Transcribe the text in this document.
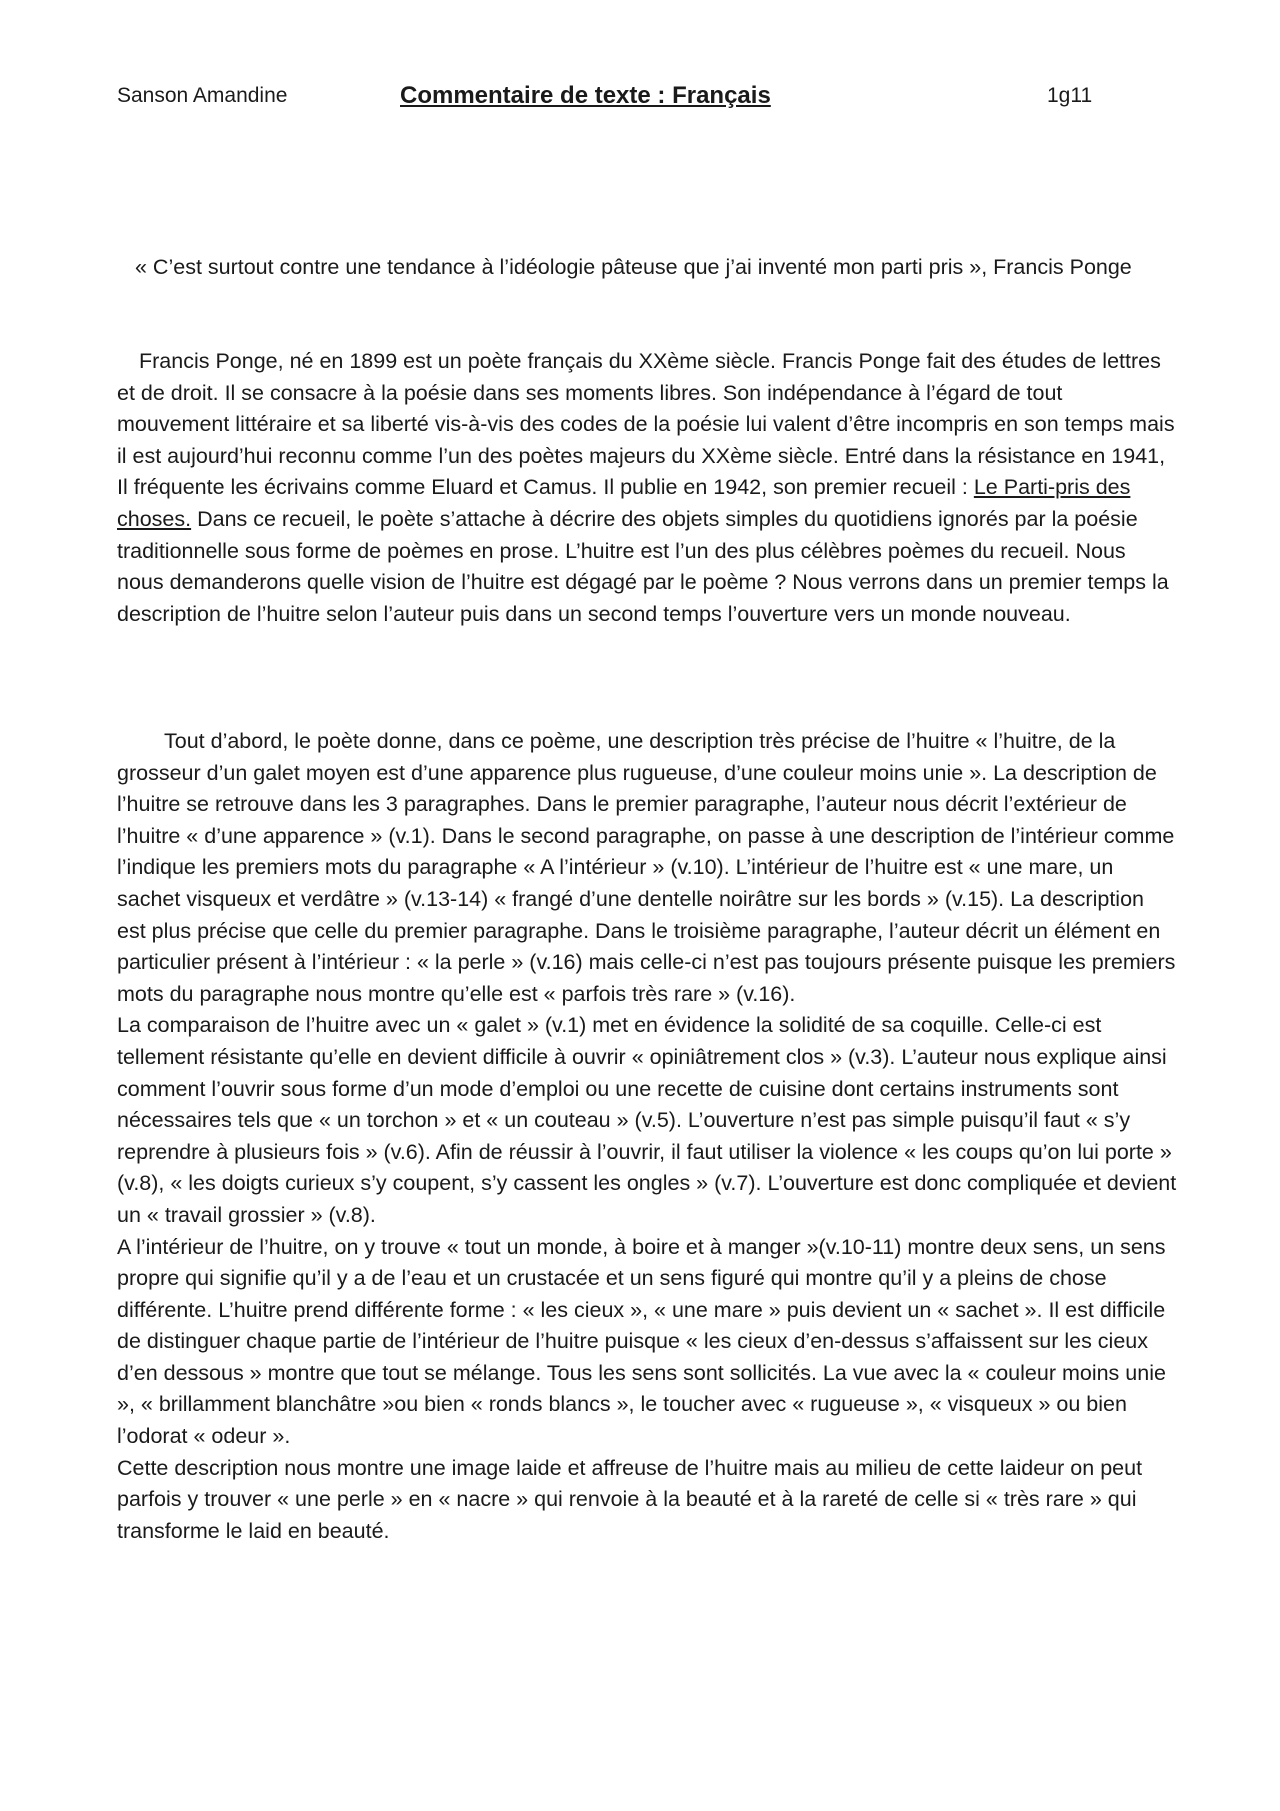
Sanson Amandine	Commentaire de texte : Français	1g11

« C’est surtout contre une tendance à l’idéologie pâteuse que j’ai inventé mon parti pris », Francis Ponge

Francis Ponge, né en 1899 est un poète français du XXème siècle. Francis Ponge fait des études de lettres et de droit. Il se consacre à la poésie dans ses moments libres. Son indépendance à l’égard de tout mouvement littéraire et sa liberté vis-à-vis des codes de la poésie lui valent d’être incompris en son temps mais il est aujourd’hui reconnu comme l’un des poètes majeurs du XXème siècle. Entré dans la résistance en 1941, Il fréquente les écrivains comme Eluard et Camus. Il publie en 1942, son premier recueil : Le Parti-pris des choses. Dans ce recueil, le poète s’attache à décrire des objets simples du quotidiens ignorés par la poésie traditionnelle sous forme de poèmes en prose. L’huitre est l’un des plus célèbres poèmes du recueil. Nous nous demanderons quelle vision de l’huitre est dégagé par le poème ? Nous verrons dans un premier temps la description de l’huitre selon l’auteur puis dans un second temps l’ouverture vers un monde nouveau.

Tout d’abord, le poète donne, dans ce poème, une description très précise de l’huitre « l’huitre, de la grosseur d’un galet moyen est d’une apparence plus rugueuse, d’une couleur moins unie ». La description de l’huitre se retrouve dans les 3 paragraphes. Dans le premier paragraphe, l’auteur nous décrit l’extérieur de l’huitre « d’une apparence » (v.1). Dans le second paragraphe, on passe à une description de l’intérieur comme l’indique les premiers mots du paragraphe « A l’intérieur » (v.10). L’intérieur de l’huitre est « une mare, un sachet visqueux et verdâtre » (v.13-14) « frangé d’une dentelle noirâtre sur les bords » (v.15). La description est plus précise que celle du premier paragraphe. Dans le troisième paragraphe, l’auteur décrit un élément en particulier présent à l’intérieur : « la perle » (v.16) mais celle-ci n’est pas toujours présente puisque les premiers mots du paragraphe nous montre qu’elle est « parfois très rare » (v.16).

La comparaison de l’huitre avec un « galet » (v.1) met en évidence la solidité de sa coquille. Celle-ci est tellement résistante qu’elle en devient difficile à ouvrir « opiniâtrement clos » (v.3). L’auteur nous explique ainsi comment l’ouvrir sous forme d’un mode d’emploi ou une recette de cuisine dont certains instruments sont nécessaires tels que « un torchon » et « un couteau » (v.5). L’ouverture n’est pas simple puisqu’il faut « s’y reprendre à plusieurs fois » (v.6). Afin de réussir à l’ouvrir, il faut utiliser la violence « les coups qu’on lui porte » (v.8), « les doigts curieux s’y coupent, s’y cassent les ongles » (v.7). L’ouverture est donc compliquée et devient un « travail grossier » (v.8).

A l’intérieur de l’huitre, on y trouve « tout un monde, à boire et à manger »(v.10-11) montre deux sens, un sens propre qui signifie qu’il y a de l’eau et un crustacée et un sens figuré qui montre qu’il y a pleins de chose différente. L’huitre prend différente forme : « les cieux », « une mare » puis devient un « sachet ». Il est difficile de distinguer chaque partie de l’intérieur de l’huitre puisque « les cieux d’en-dessus s’affaissent sur les cieux d’en dessous » montre que tout se mélange. Tous les sens sont sollicités. La vue avec la « couleur moins unie », « brillamment blanchâtre »ou bien « ronds blancs », le toucher avec « rugueuse », « visqueux » ou bien l’odorat « odeur ».

Cette description nous montre une image laide et affreuse de l’huitre mais au milieu de cette laideur on peut parfois y trouver « une perle » en « nacre » qui renvoie à la beauté et à la rareté de celle si « très rare » qui transforme le laid en beauté.
